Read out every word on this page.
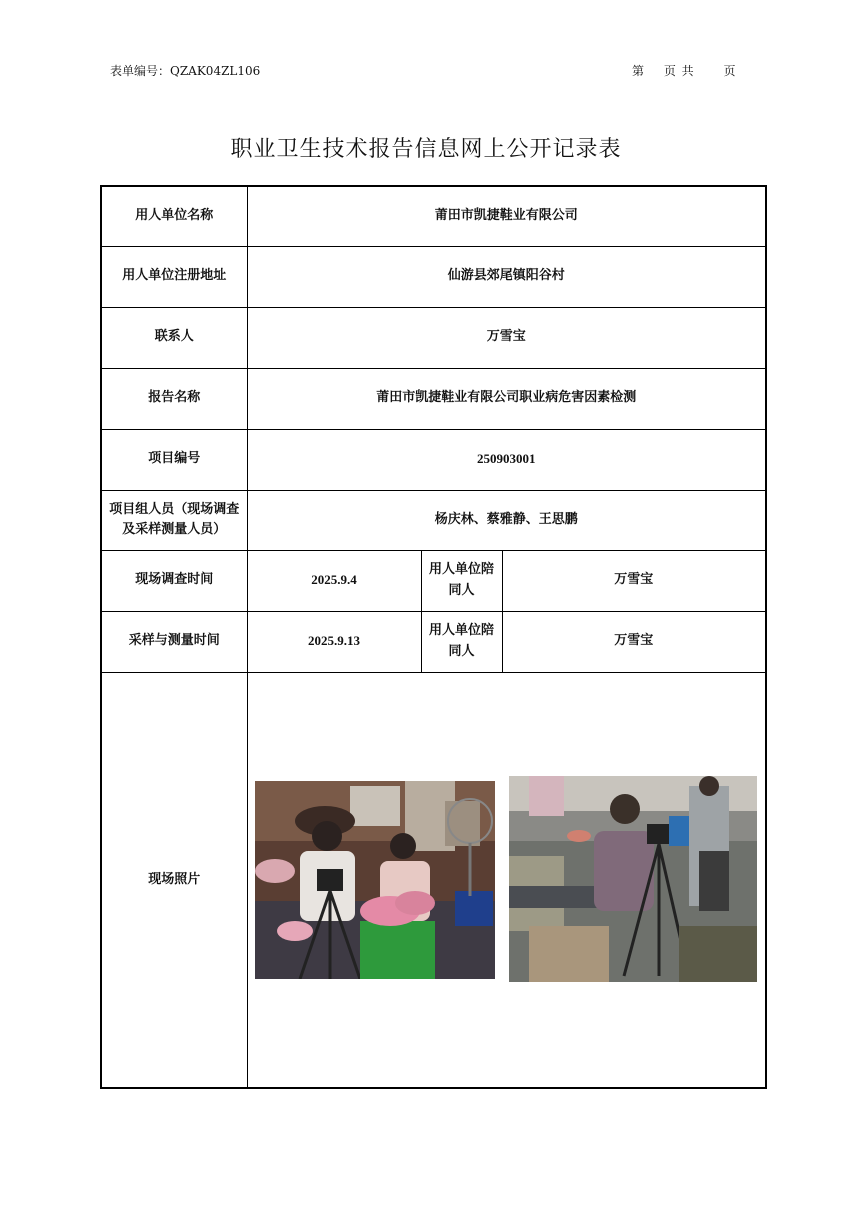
表单编号：QZAK04ZL106	第 页 共 页
职业卫生技术报告信息网上公开记录表
用人单位名称	莆田市凯捷鞋业有限公司		
用人单位注册地址	仙游县郊尾镇阳谷村		
联系人	万雪宝		
报告名称	莆田市凯捷鞋业有限公司职业病危害因素检测		
项目编号	250903001		
项目组人员（现场调查及采样测量人员）	杨庆林、蔡雅静、王思鹏		
现场调查时间	2025.9.4	用人单位陪同人	万雪宝
采样与测量时间	2025.9.13	用人单位陪同人	万雪宝
现场照片	
